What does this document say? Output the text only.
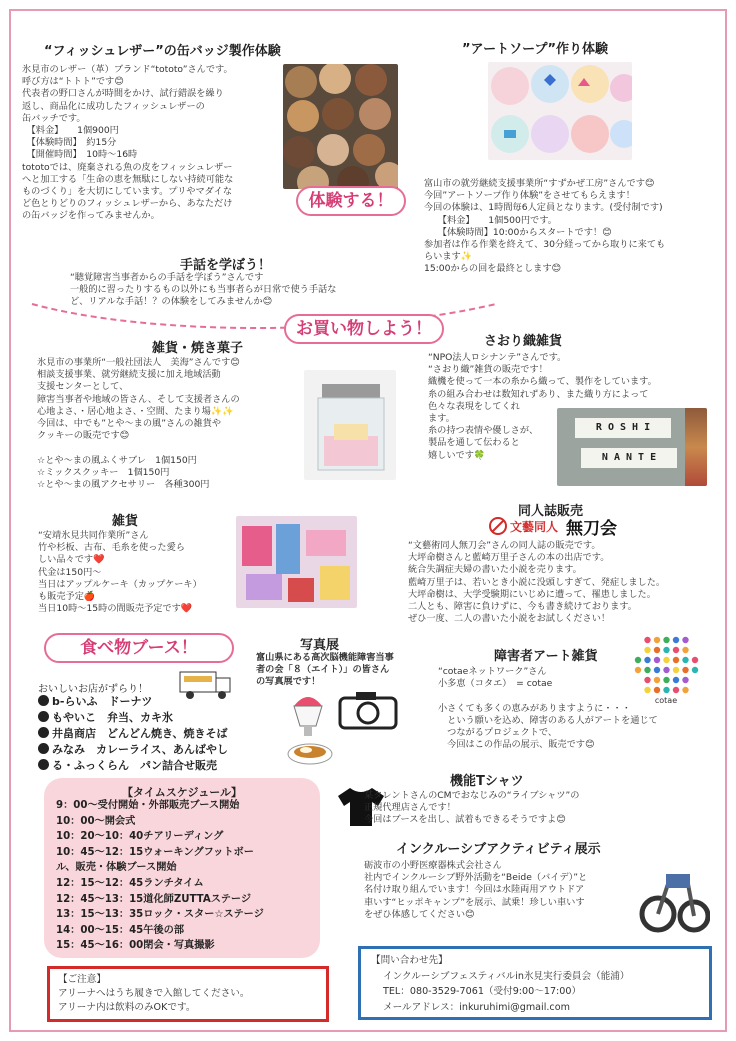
“フィッシュレザー”の缶バッジ製作体験

氷見市のレザー（革）ブランド“tototo”さんです。

呼び方は“トトト”です😊

代表者の野口さんが時間をかけ、試行錯誤を繰り

返し、商品化に成功したフィッシュレザーの

缶バッチです。

　【料金】　　1個900円

　【体験時間】　約15分

　【開催時間】　10時〜16時

tototoでは、廃棄される魚の皮をフィッシュレザー

へと加工する「生命の恵を無駄にしない持続可能な

ものづくり」を大切にしています。プリやマダイな

ど色とりどりのフィッシュレザーから、あなただけ

の缶バッジを作ってみませんか。

体験する！
”アートソープ”作り体験

富山市の就労継続支援事業所“すずかぜ工房”さんです😊

今回”アートソープ作り体験”をさせてもらえます！

今回の体験は、1時間毎6人定員となります。(受付制です)

　　【料金】　　1個500円です。

　　【体験時間】10:00からスタートです！😊

参加者は作る作業を終えて、30分経ってから取りに来ても

らいます✨

15:00からの回を最終とします😊

手話を学ぼう！

“聴覚障害当事者からの手話を学ぼう”さんです

一般的に習ったりするもの以外にも当事者らが日常で使う手話な

ど、リアルな手話！？の体験をしてみませんか😊

お買い物しよう！
雑貨・焼き菓子

氷見市の事業所“一般社団法人　美海”さんです😊

相談支援事業、就労継続支援に加え地域活動

支援センターとして、

障害当事者や地域の皆さん、そして支援者さんの

心地よさ、・居心地よさ、・空間、たまり場✨✨

今回は、中でも”とや〜まの風”さんの雑貨や

クッキーの販売です😊

☆とや〜まの風ふくサブレ　1個150円

☆ミックスクッキー　1個150円

☆とや〜まの風アクセサリー　各種300円

さおり織雑貨

“NPO法人ロシナンテ”さんです。

“さおり織”雑貨の販売です！

織機を使って一本の糸から織って、製作をしています。

糸の組み合わせは数知れずあり、また織り方によって

色々な表現をしてくれ

ます。

糸の持つ表情や優しさが、

製品を通して伝わると

嬉しいです🍀

R O S H I
N A N T E
雑貨

“安靖氷見共同作業所”さん

竹や杉板、古布、毛糸を使った愛ら

しい品々です❤️

代金は150円〜

当日はアップルケーキ（カップケーキ）

も販売予定🍎

当日10時〜15時の間販売予定です❤️

同人誌販売
文藝同人 無刀会

“文藝術同人無刀会”さんの同人誌の販売です。

大坪命樹さんと藍崎万里子さんの本の出店です。

統合失調症夫婦の書いた小説を売ります。

藍崎万里子は、若いとき小説に没頭しすぎて、発症しました。

大坪命樹は、大学受験期にいじめに遭って、罹患しました。

二人とも、障害に負けずに、今も書き続けております。

ぜひ一度、二人の書いた小説をお試しください！

食べ物ブース！
おいしいお店がずらり！
b-らいふ　ドーナツ
もやいこ　弁当、カキ氷
井畠商店　どんどん焼き、焼きそば
みなみ　カレーライス、あんばやし
る・ふっくらん　パン詰合せ販売
写真展

富山県にある高次脳機能障害当事

者の会「８（エイト）」の皆さん

の写真展です！

障害者アート雑貨
cotae

“cotaeネットワーク”さん

小多恵（コタエ）　= cotae

小さくても多くの恵みがありますように・・・

　という願いを込め、障害のある人がアートを通じて

　つながるプロジェクトで、

　今回はこの作品の展示、販売です😊

【タイムスケジュール】

9：00〜受付開始・外部販売ブース開始

10：00〜開会式

10：20〜10：40チアリーディング

10：45〜12：15ウォーキングフットボー

ル、販売・体験ブース開始

12：15〜12：45ランチタイム

12：45〜13：15道化師ZUTTAステージ

13：15〜13：35ロック・スター☆ステージ

14：00〜15：45午後の部

15：45〜16：00閉会・写真撮影

機能Tシャツ

某タレントさんのCMでおなじみの“ライブシャツ”の

正規代理店さんです！

今回はブースを出し、試着もできるそうですよ😊

インクルーシブアクティビティ展示

砺波市の小野医療器株式会社さん

社内でインクルーシブ野外活動を“Beide（バイデ）”と

名付け取り組んでいます！今回は水陸両用アウトドア

車いす“ヒッポキャンプ”を展示、試乗！珍しい車いす

をぜひ体感してください😊

【ご注意】

アリーナへはうち履きで入館してください。

アリーナ内は飲料のみOKです。

【問い合わせ先】

インクルーシブフェスティバルin氷見実行委員会（能浦）

TEL：080-3529-7061（受付9:00〜17:00）

メールアドレス：inkuruhimi@gmail.com
